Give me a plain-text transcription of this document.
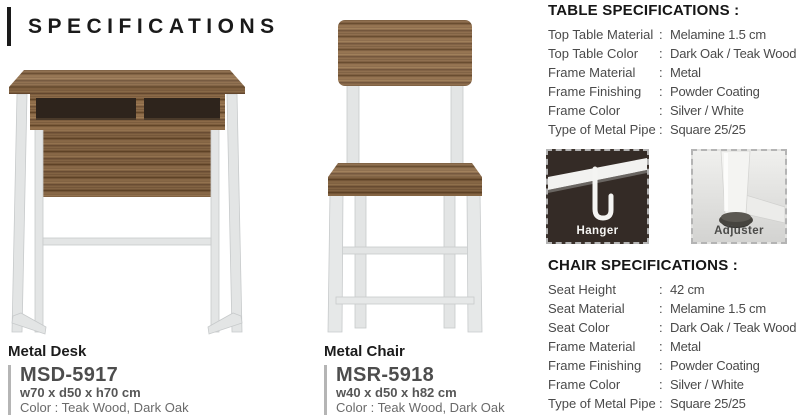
SPECIFICATIONS
TABLE SPECIFICATIONS :
Top Table Material : Melamine 1.5 cm
Top Table Color	: Dark Oak / Teak Wood
Frame Material	: Metal
Frame Finishing	: Powder Coating
Frame Color	: Silver / White
Type of Metal Pipe : Square 25/25
Hanger	Adjuster
CHAIR SPECIFICATIONS :
Seat Height	: 42 cm
Seat Material	: Melamine 1.5 cm
Seat Color	: Dark Oak / Teak Wood
Frame Material	: Metal
Frame Finishing	: Powder Coating
Frame Color	: Silver / White
Type of Metal Pipe : Square 25/25
Metal Desk
MSD-5917
w70 x d50 x h70 cm
Color : Teak Wood, Dark Oak
Metal Chair
MSR-5918
w40 x d50 x h82 cm
Color : Teak Wood, Dark Oak
